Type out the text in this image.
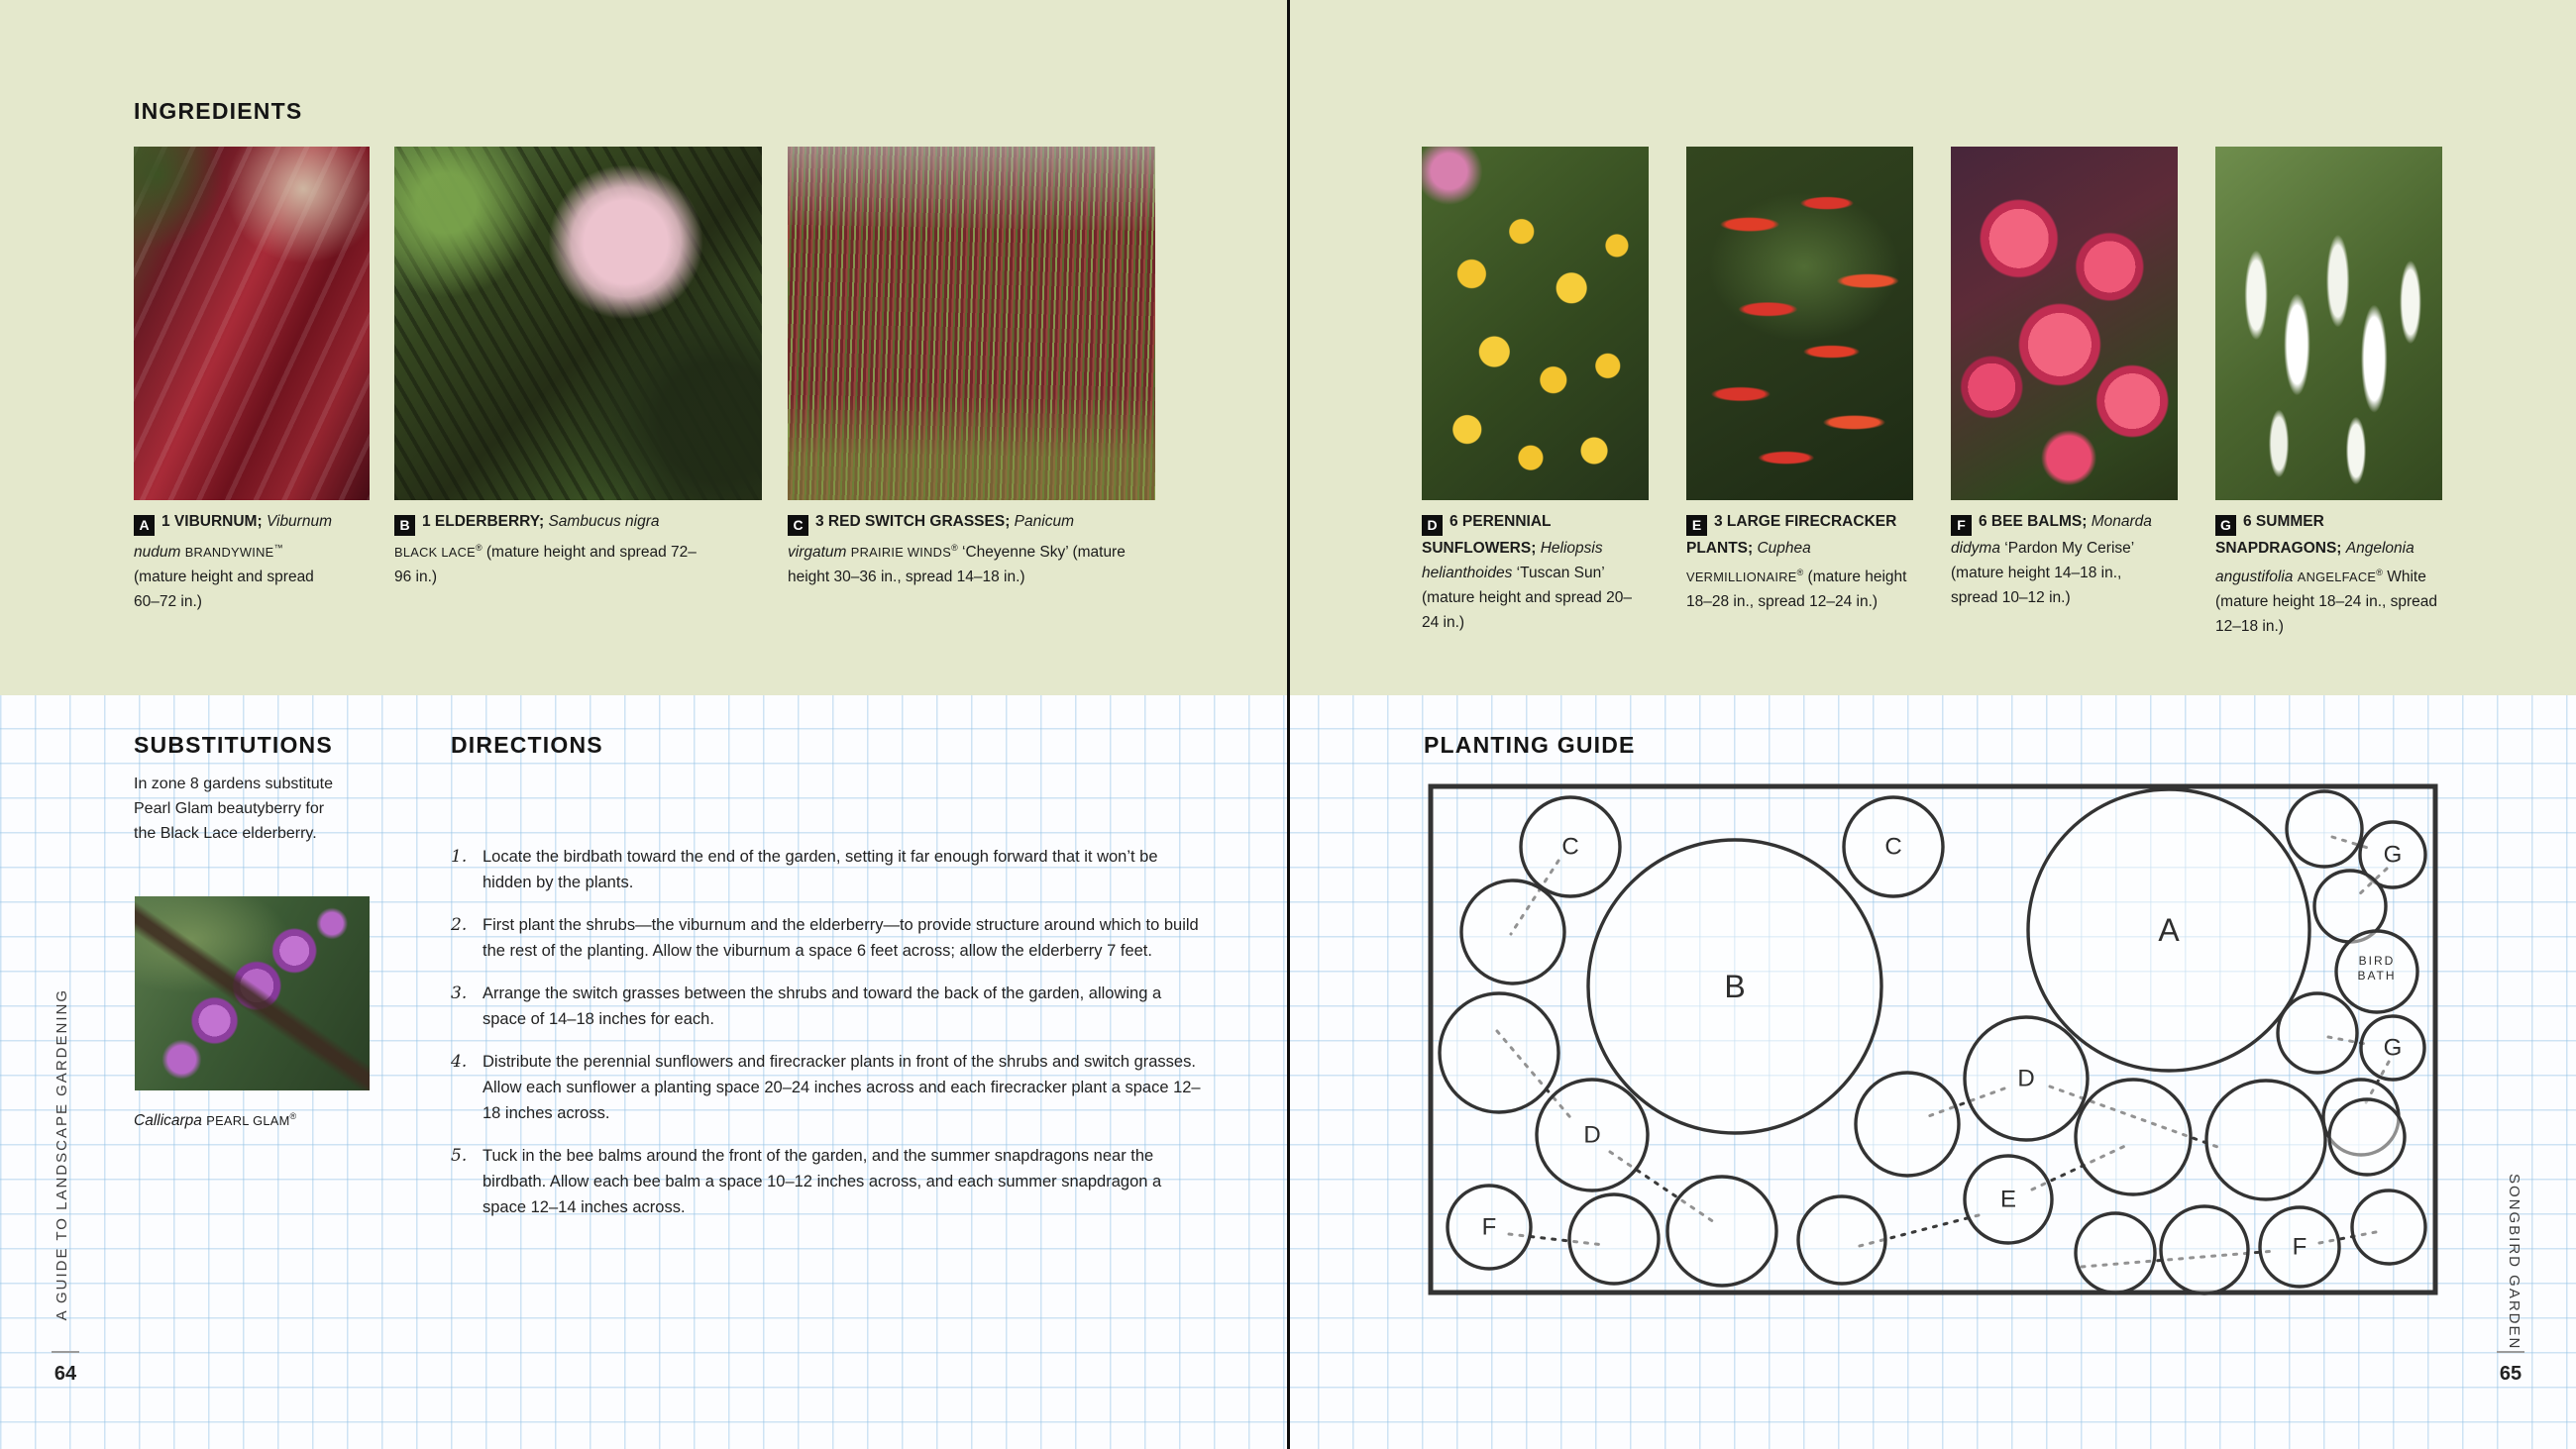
INGREDIENTS

A 1 VIBURNUM; Viburnum nudum BRANDYWINE™ (mature height and spread 60–72 in.)

B 1 ELDERBERRY; Sambucus nigra BLACK LACE® (mature height and spread 72–96 in.)

C 3 RED SWITCH GRASSES; Panicum virgatum PRAIRIE WINDS® ‘Cheyenne Sky’ (mature height 30–36 in., spread 14–18 in.)

SUBSTITUTIONS

In zone 8 gardens substitute Pearl Glam beautyberry for the Black Lace elderberry.

Callicarpa PEARL GLAM®

DIRECTIONS
1. Locate the birdbath toward the end of the garden, setting it far enough forward that it won’t be hidden by the plants.
2. First plant the shrubs—the viburnum and the elderberry—to provide structure around which to build the rest of the planting. Allow the viburnum a space 6 feet across; allow the elderberry 7 feet.
3. Arrange the switch grasses between the shrubs and toward the back of the garden, allowing a space of 14–18 inches for each.
4. Distribute the perennial sunflowers and firecracker plants in front of the shrubs and switch grasses. Allow each sunflower a planting space 20–24 inches across and each firecracker plant a space 12–18 inches across.
5. Tuck in the bee balms around the front of the garden, and the summer snapdragons near the birdbath. Allow each bee balm a space 10–12 inches across, and each summer snapdragon a space 12–14 inches across.
A GUIDE TO LANDSCAPE GARDENING
64

D 6 PERENNIAL SUNFLOWERS; Heliopsis helianthoides ‘Tuscan Sun’ (mature height and spread 20–24 in.)

E 3 LARGE FIRECRACKER PLANTS; Cuphea VERMILLIONAIRE® (mature height 18–28 in., spread 12–24 in.)

F 6 BEE BALMS; Monarda didyma ‘Pardon My Cerise’ (mature height 14–18 in., spread 10–12 in.)

G 6 SUMMER SNAPDRAGONS; Angelonia angustifolia ANGELFACE® White (mature height 18–24 in., spread 12–18 in.)

PLANTING GUIDE
C
B
C
A
G
BIRD BATH
G
D
D
E
F
F	SONGBIRD GARDEN
65
